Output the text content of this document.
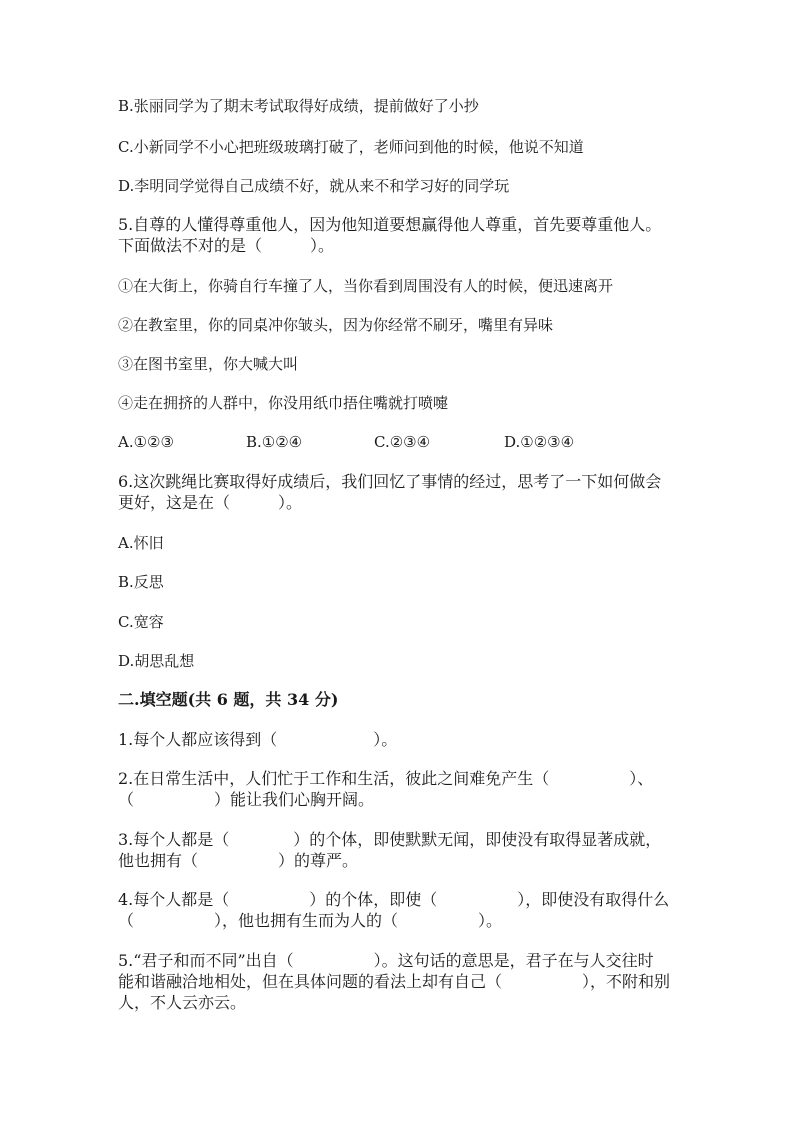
B.张丽同学为了期末考试取得好成绩，提前做好了小抄
C.小新同学不小心把班级玻璃打破了，老师问到他的时候，他说不知道
D.李明同学觉得自己成绩不好，就从来不和学习好的同学玩
5.自尊的人懂得尊重他人，因为他知道要想赢得他人尊重，首先要尊重他人。
下面做法不对的是（　　　）。
①在大街上，你骑自行车撞了人，当你看到周围没有人的时候，便迅速离开
②在教室里，你的同桌冲你皱头，因为你经常不刷牙，嘴里有异味
③在图书室里，你大喊大叫
④走在拥挤的人群中，你没用纸巾捂住嘴就打喷嚏
A.①②③	B.①②④	C.②③④	D.①②③④
6.这次跳绳比赛取得好成绩后，我们回忆了事情的经过，思考了一下如何做会
更好，这是在（　　　）。
A.怀旧
B.反思
C.宽容
D.胡思乱想
二.填空题(共 6 题，共 34 分)
1.每个人都应该得到（　　　　　　）。
2.在日常生活中，人们忙于工作和生活，彼此之间难免产生（　　　　　）、
（　　　　　）能让我们心胸开阔。
3.每个人都是（　　　　）的个体，即使默默无闻，即使没有取得显著成就，
他也拥有（　　　　　）的尊严。
4.每个人都是（　　　　　）的个体，即使（　　　　　），即使没有取得什么
（　　　　　），他也拥有生而为人的（　　　　　）。
5.“君子和而不同”出自（　　　　　）。这句话的意思是，君子在与人交往时
能和谐融洽地相处，但在具体问题的看法上却有自己（　　　　　），不附和别
人，不人云亦云。
